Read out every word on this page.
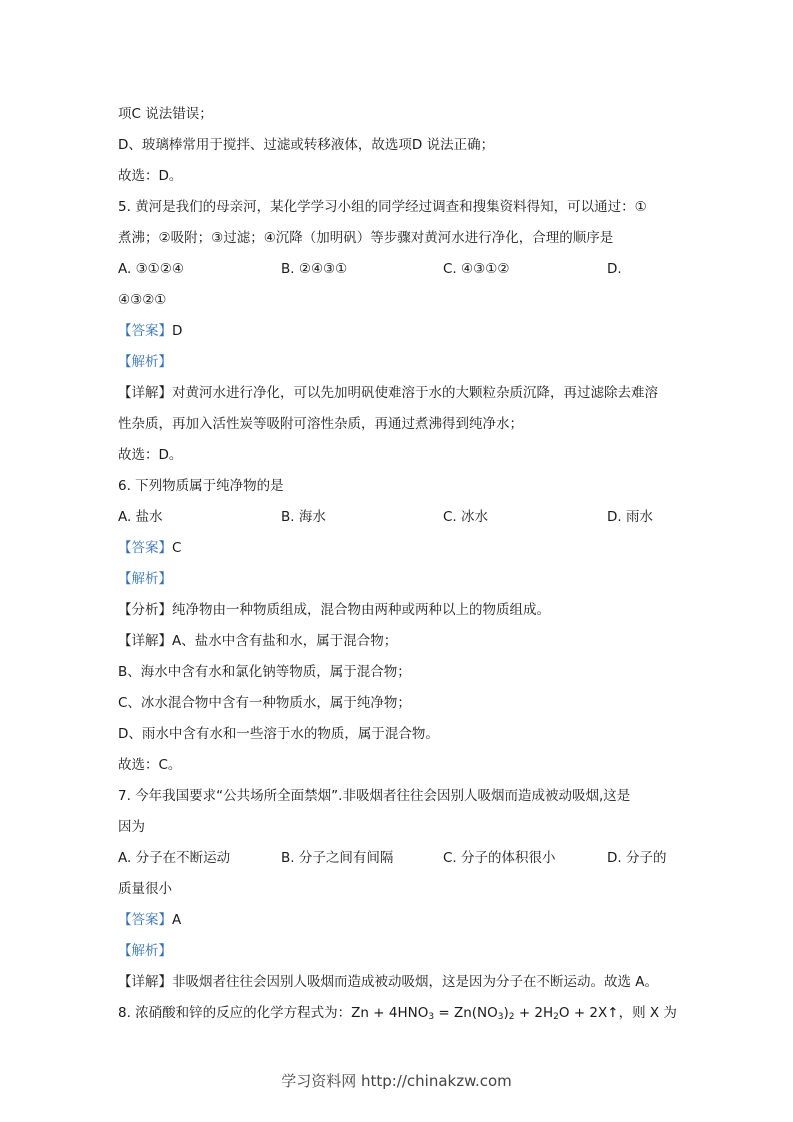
项C 说法错误；
D、玻璃棒常用于搅拌、过滤或转移液体，故选项D 说法正确；
故选：D。
5. 黄河是我们的母亲河，某化学学习小组的同学经过调查和搜集资料得知，可以通过：①
煮沸；②吸附；③过滤；④沉降（加明矾）等步骤对黄河水进行净化，合理的顺序是
A. ③①②④	B. ②④③①	C. ④③①②	D.
④③②①
【答案】D
【解析】
【详解】对黄河水进行净化，可以先加明矾使难溶于水的大颗粒杂质沉降，再过滤除去难溶
性杂质，再加入活性炭等吸附可溶性杂质，再通过煮沸得到纯净水；
故选：D。
6. 下列物质属于纯净物的是
A. 盐水	B. 海水	C. 冰水	D. 雨水
【答案】C
【解析】
【分析】纯净物由一种物质组成，混合物由两种或两种以上的物质组成。
【详解】A、盐水中含有盐和水，属于混合物；
B、海水中含有水和氯化钠等物质，属于混合物；
C、冰水混合物中含有一种物质水，属于纯净物；
D、雨水中含有水和一些溶于水的物质，属于混合物。
故选：C。
7. 今年我国要求“公共场所全面禁烟”.非吸烟者往往会因别人吸烟而造成被动吸烟,这是
因为
A. 分子在不断运动	B. 分子之间有间隔	C. 分子的体积很小	D. 分子的
质量很小
【答案】A
【解析】
【详解】非吸烟者往往会因别人吸烟而造成被动吸烟，这是因为分子在不断运动。故选 A。
8. 浓硝酸和锌的反应的化学方程式为：$Zn + 4HNO_3 = Zn(NO_3)_2 + 2H_2O$ + 2X↑，则 X 为
学习资料网 http://chinakzw.com
